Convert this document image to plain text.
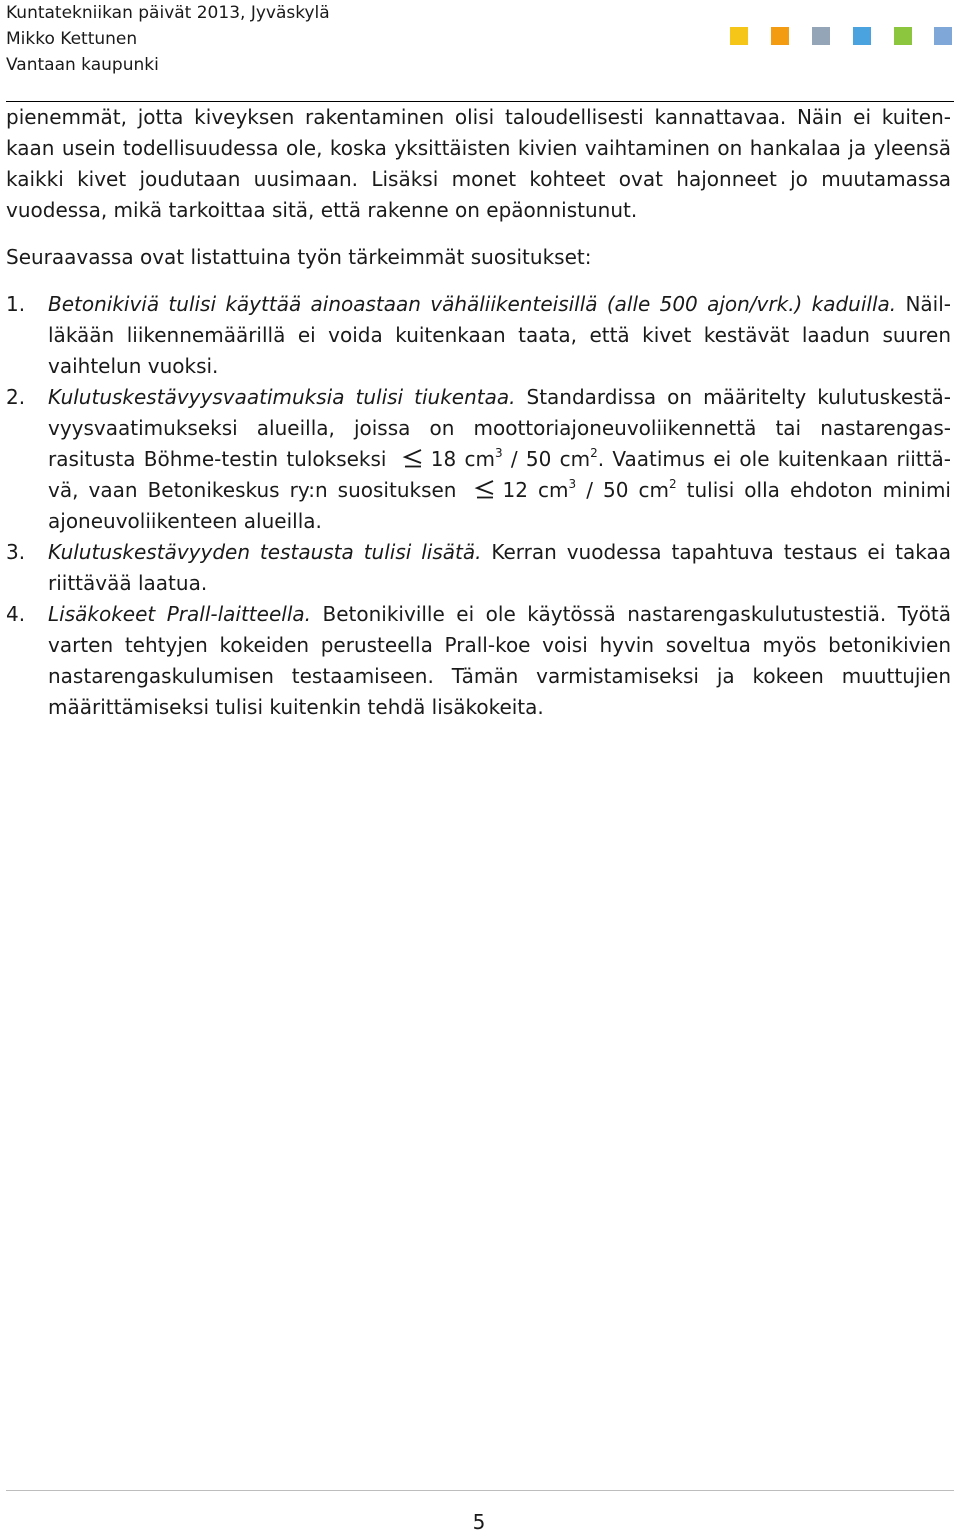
Kuntatekniikan päivät 2013, Jyväskylä
Mikko Kettunen
Vantaan kaupunki

pienemmät, jotta kiveyksen rakentaminen olisi taloudellisesti kannattavaa. Näin ei kuitenkaan usein todellisuudessa ole, koska yksittäisten kivien vaihtaminen on hankalaa ja yleensä kaikki kivet joudutaan uusimaan. Lisäksi monet kohteet ovat hajonneet jo muutamassa vuodessa, mikä tarkoittaa sitä, että rakenne on epäonnistunut.

Seuraavassa ovat listattuina työn tärkeimmät suositukset:

1. Betonikiviä tulisi käyttää ainoastaan vähäliikenteisillä (alle 500 ajon/vrk.) kaduilla. Näilläkään liikennemäärillä ei voida kuitenkaan taata, että kivet kestävät laadun suuren vaihtelun vuoksi.
2. Kulutuskestävyysvaatimuksia tulisi tiukentaa. Standardissa on määritelty kulutuskestävyysvaatimukseksi alueilla, joissa on moottoriajoneuvoliikennettä tai nastarengasrasitusta Böhme-testin tulokseksi 18 $cm^3 / 50$ $cm^2$. Vaatimus ei ole kuitenkaan riittävä, vaan Betonikeskus ry:n suosituksen 12 $cm^3 / 50$ $cm^2$ tulisi olla ehdoton minimi ajoneuvoliikenteen alueilla.
3. Kulutuskestävyyden testausta tulisi lisätä. Kerran vuodessa tapahtuva testaus ei takaa riittävää laatua.
4. Lisäkokeet Prall-laitteella. Betonikiville ei ole käytössä nastarengaskulutustestiä. Työtä varten tehtyjen kokeiden perusteella Prall-koe voisi hyvin soveltua myös betonikivien nastarengaskulumisen testaamiseen. Tämän varmistamiseksi ja kokeen muuttujien määrittämiseksi tulisi kuitenkin tehdä lisäkokeita.
5
